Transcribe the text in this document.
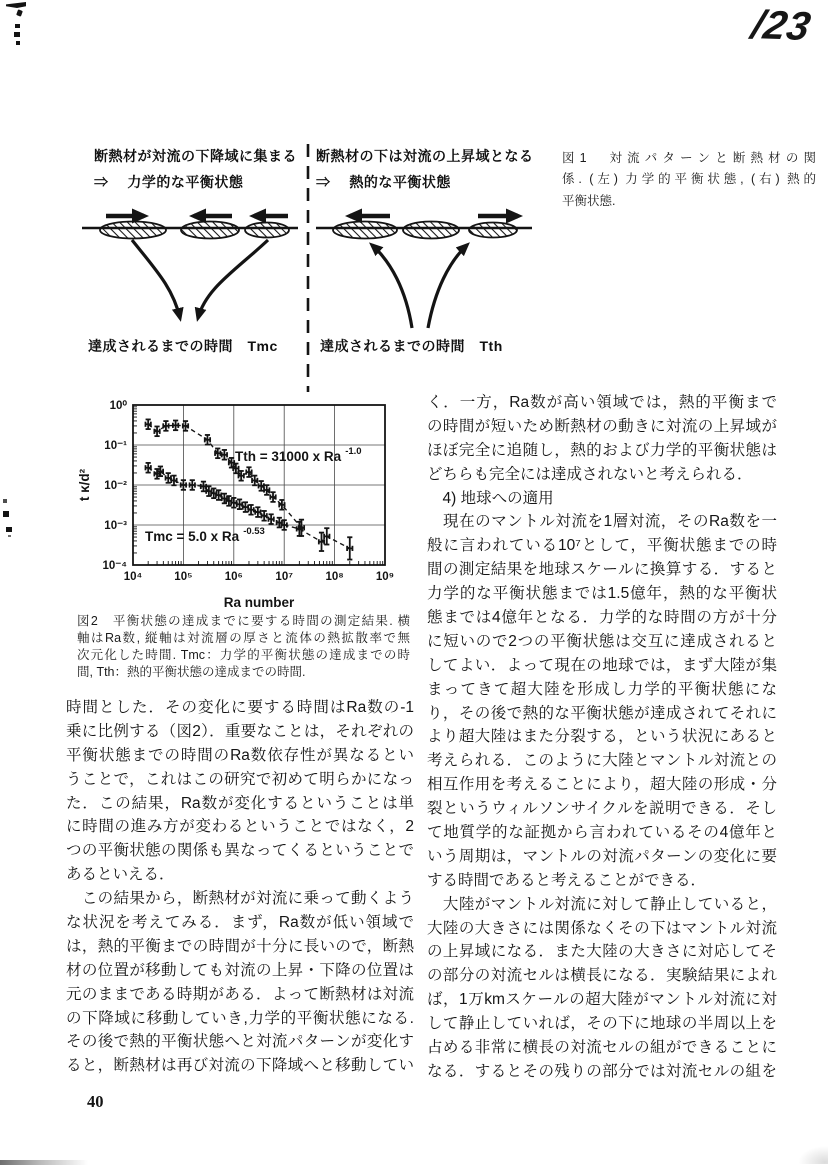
/23
断熱材が対流の下降域に集まる
⇒　 力学的な平衡状態
断熱材の下は対流の上昇域となる
⇒　 熱的な平衡状態
達成されるまでの時間　Tmc	達成されるまでの時間　Tth
図1　対流パターンと断熱材の関
係. (左) 力学的平衡状態, (右) 熱的
平衡状態.
10⁴	10⁵	10⁶	10⁷	10⁸	10⁹
10⁰
10⁻¹
10⁻²
10⁻³
10⁻⁴
Ra number
t κ/d²
Tth = 31000 x Ra $^{-1.0}$
Tmc = 5.0 x Ra $^{-0.53}$
図2　平衡状態の達成までに要する時間の測定結果. 横
軸はRa数, 縦軸は対流層の厚さと流体の熱拡散率で無
次元化した時間. Tmc：力学的平衡状態の達成までの時
間, Tth：熱的平衡状態の達成までの時間.
時間とした．その変化に要する時間はRa数の-1
乗に比例する（図2）．重要なことは，それぞれの
平衡状態までの時間のRa数依存性が異なるとい
うことで，これはこの研究で初めて明らかになっ
た．この結果，Ra数が変化するということは単
に時間の進み方が変わるということではなく，2
つの平衡状態の関係も異なってくるということで
あるといえる．
　この結果から，断熱材が対流に乗って動くよう
な状況を考えてみる．まず，Ra数が低い領域で
は，熱的平衡までの時間が十分に長いので，断熱
材の位置が移動しても対流の上昇・下降の位置は
元のままである時期がある．よって断熱材は対流
の下降域に移動していき,力学的平衡状態になる.
その後で熱的平衡状態へと対流パターンが変化す
ると，断熱材は再び対流の下降域へと移動してい
く．一方，Ra数が高い領域では，熱的平衡まで
の時間が短いため断熱材の動きに対流の上昇域が
ほぼ完全に追随し，熱的および力学的平衡状態は
どちらも完全には達成されないと考えられる．
　4) 地球への適用
　現在のマントル対流を1層対流，そのRa数を一
般に言われている10⁷として，平衡状態までの時
間の測定結果を地球スケールに換算する．すると
力学的な平衡状態までは1.5億年，熱的な平衡状
態までは4億年となる．力学的な時間の方が十分
に短いので2つの平衡状態は交互に達成されると
してよい．よって現在の地球では，まず大陸が集
まってきて超大陸を形成し力学的平衡状態にな
り，その後で熱的な平衡状態が達成されてそれに
より超大陸はまた分裂する，という状況にあると
考えられる．このように大陸とマントル対流との
相互作用を考えることにより，超大陸の形成・分
裂というウィルソンサイクルを説明できる．そし
て地質学的な証拠から言われているその4億年と
いう周期は，マントルの対流パターンの変化に要
する時間であると考えることができる．
　大陸がマントル対流に対して静止していると，
大陸の大きさには関係なくその下はマントル対流
の上昇域になる．また大陸の大きさに対応してそ
の部分の対流セルは横長になる．実験結果によれ
ば，1万kmスケールの超大陸がマントル対流に対
して静止していれば，その下に地球の半周以上を
占める非常に横長の対流セルの組ができることに
なる．するとその残りの部分では対流セルの組を
40
